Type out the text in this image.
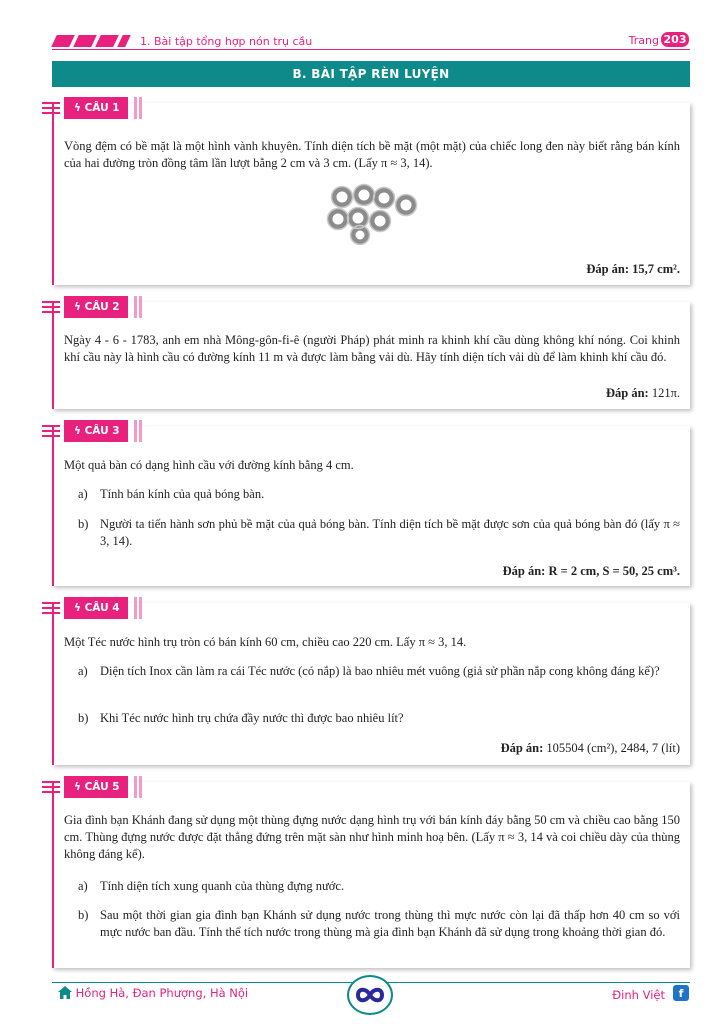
1. Bài tập tổng hợp nón trụ cầu	Trang 203
B. BÀI TẬP RÈN LUYỆN
ϟ CÂU 1
Vòng đệm có bề mặt là một hình vành khuyên. Tính diện tích bề mặt (một mặt) của chiếc long đen này biết rằng bán kính của hai đường tròn đồng tâm lần lượt bằng 2 cm và 3 cm. (Lấy π ≈ 3, 14).
Đáp án: 15,7 cm².
ϟ CÂU 2
Ngày 4 - 6 - 1783, anh em nhà Mông-gôn-fi-ê (người Pháp) phát minh ra khinh khí cầu dùng không khí nóng. Coi khinh khí cầu này là hình cầu có đường kính 11 m và được làm bằng vải dù. Hãy tính diện tích vải dù để làm khinh khí cầu đó.
Đáp án: 121π.
ϟ CÂU 3
Một quả bàn có dạng hình cầu với đường kính bằng 4 cm.
a) Tính bán kính của quả bóng bàn.
b) Người ta tiến hành sơn phủ bề mặt của quả bóng bàn. Tính diện tích bề mặt được sơn của quả bóng bàn đó (lấy π ≈ 3, 14).
Đáp án: R = 2 cm, S = 50, 25 cm³.
ϟ CÂU 4
Một Téc nước hình trụ tròn có bán kính 60 cm, chiều cao 220 cm. Lấy π ≈ 3, 14.
a) Diện tích Inox cần làm ra cái Téc nước (có nắp) là bao nhiêu mét vuông (giả sử phần nắp cong không đáng kể)?
b) Khi Téc nước hình trụ chứa đầy nước thì được bao nhiêu lít?
Đáp án: 105504 (cm²), 2484, 7 (lít)
ϟ CÂU 5
Gia đình bạn Khánh đang sử dụng một thùng đựng nước dạng hình trụ với bán kính đáy bằng 50 cm và chiều cao bằng 150 cm. Thùng đựng nước được đặt thẳng đứng trên mặt sàn như hình minh hoạ bên. (Lấy π ≈ 3, 14 và coi chiều dày của thùng không đáng kể).
a) Tính diện tích xung quanh của thùng đựng nước.
b) Sau một thời gian gia đình bạn Khánh sử dụng nước trong thùng thì mực nước còn lại đã thấp hơn 40 cm so với mực nước ban đầu. Tính thể tích nước trong thùng mà gia đình bạn Khánh đã sử dụng trong khoảng thời gian đó.
Hồng Hà, Đan Phượng, Hà Nội	Đinh Việt	f
